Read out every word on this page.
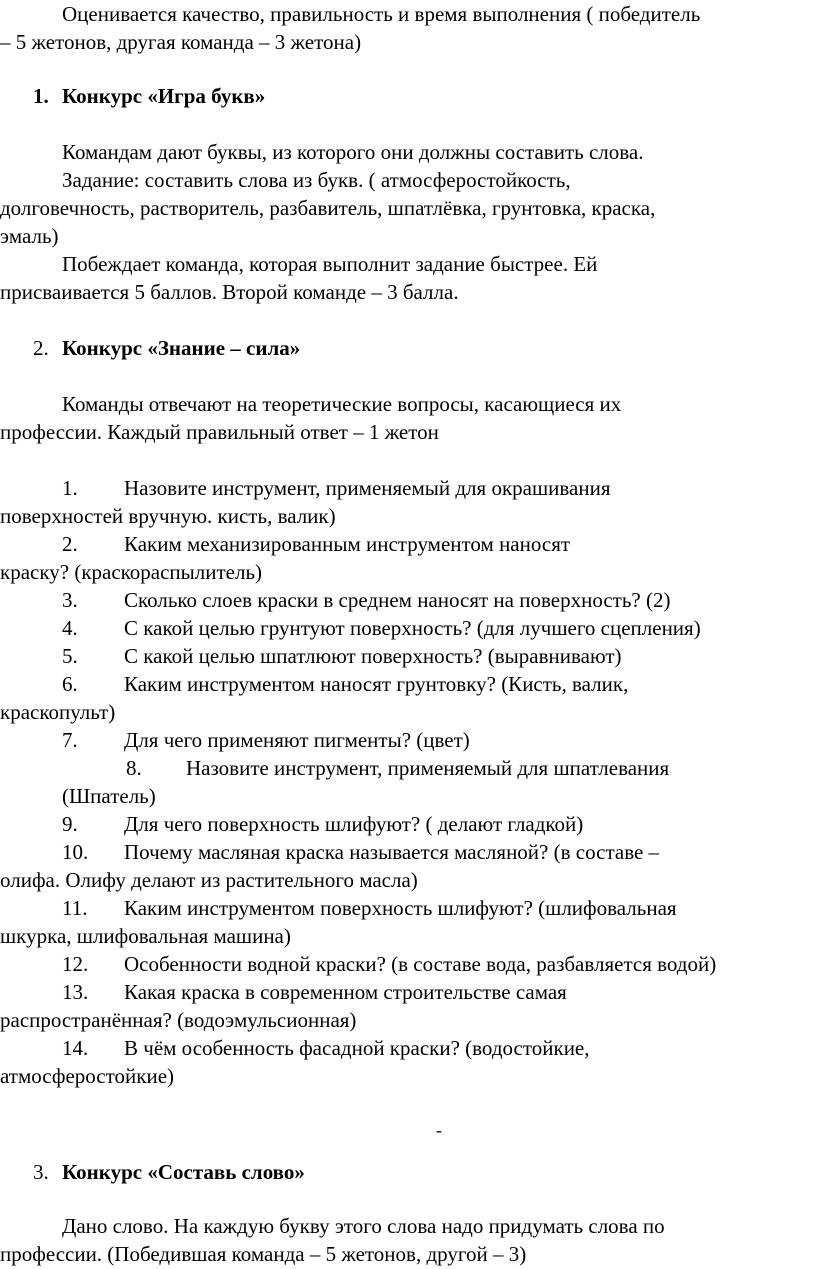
Оценивается качество, правильность и время выполнения ( победитель
– 5 жетонов, другая команда – 3 жетона)
1. Конкурс «Игра букв»
Командам дают буквы, из которого они должны составить слова.
Задание: составить слова из букв. ( атмосферостойкость,
долговечность, растворитель, разбавитель, шпатлёвка, грунтовка, краска,
эмаль)
Побеждает команда, которая выполнит задание быстрее. Ей
присваивается 5 баллов. Второй команде – 3 балла.
2. Конкурс «Знание – сила»
Команды отвечают на теоретические вопросы, касающиеся их
профессии. Каждый правильный ответ – 1 жетон
1. Назовите инструмент, применяемый для окрашивания
поверхностей вручную. кисть, валик)
2. Каким механизированным инструментом наносят
краску? (краскораспылитель)
3. Сколько слоев краски в среднем наносят на поверхность? (2)
4. С какой целью грунтуют поверхность? (для лучшего сцепления)
5. С какой целью шпатлюют поверхность? (выравнивают)
6. Каким инструментом наносят грунтовку? (Кисть, валик,
краскопульт)
7. Для чего применяют пигменты? (цвет)
8. Назовите инструмент, применяемый для шпатлевания
(Шпатель)
9. Для чего поверхность шлифуют? ( делают гладкой)
10. Почему масляная краска называется масляной? (в составе –
олифа. Олифу делают из растительного масла)
11. Каким инструментом поверхность шлифуют? (шлифовальная
шкурка, шлифовальная машина)
12. Особенности водной краски? (в составе вода, разбавляется водой)
13. Какая краска в современном строительстве самая
распространённая? (водоэмульсионная)
14. В чём особенность фасадной краски? (водостойкие,
атмосферостойкие)
-
3. Конкурс «Составь слово»
Дано слово. На каждую букву этого слова надо придумать слова по
профессии. (Победившая команда – 5 жетонов, другой – 3)
